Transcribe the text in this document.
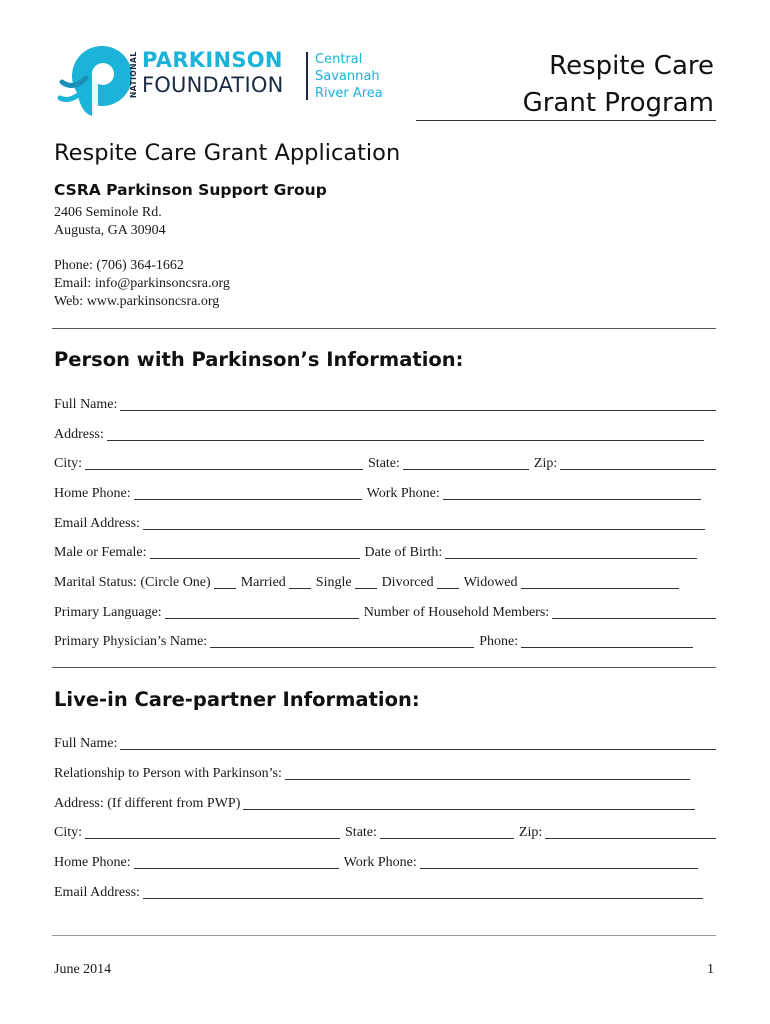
NATIONAL PARKINSON
FOUNDATION
Central
Savannah
River Area
Respite Care
Grant Program
Respite Care Grant Application
CSRA Parkinson Support Group
2406 Seminole Rd.
Augusta, GA 30904
Phone: (706) 364-1662
Email: info@parkinsoncsra.org
Web: www.parkinsoncsra.org
Person with Parkinson’s Information:
Full Name:
Address:
City:	State:	Zip:
Home Phone:	Work Phone:
Email Address:
Male or Female:	Date of Birth:
Marital Status: (Circle One) Married Single Divorced Widowed
Primary Language:	Number of Household Members:
Primary Physician’s Name:	Phone:
Live-in Care-partner Information:
Full Name:
Relationship to Person with Parkinson’s:
Address: (If different from PWP)
City:	State:	Zip:
Home Phone:	Work Phone:
Email Address:
June 2014	1
